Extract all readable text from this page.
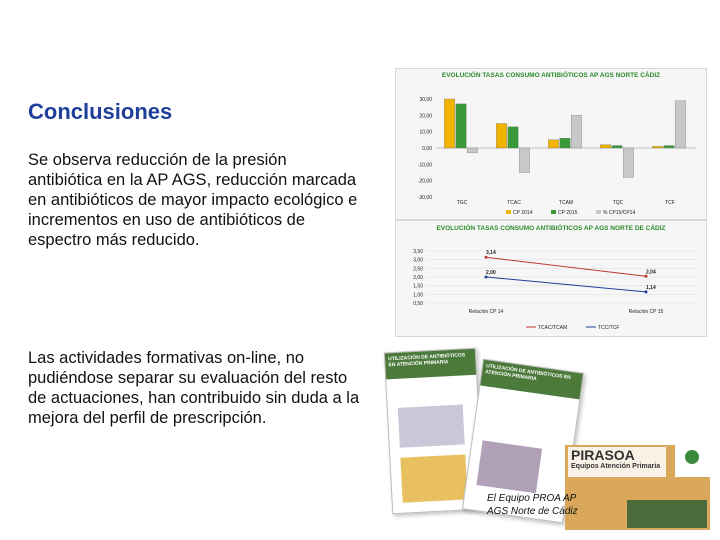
Conclusiones
Se observa reducción de la presión antibiótica en la AP AGS, reducción marcada en antibióticos de mayor impacto ecológico e incrementos en uso de antibióticos de espectro más reducido.
Las actividades formativas on-line, no pudiéndose separar su evaluación del resto de actuaciones, han contribuido sin duda a la mejora del perfil de prescripción.
EVOLUCIÓN TASAS CONSUMO ANTIBIÓTICOS AP AGS NORTE CÁDIZ
30,00
20,00
10,00
0,00
-10,00
-20,00
-30,00
TGC	TCAC	TCAM	TQC	TCF
CP 2014	CP 2015	% CP15/CP14
EVOLUCIÓN TASAS CONSUMO ANTIBIÓTICOS AP AGS NORTE DE CÁDIZ
3,50
3,00
2,50
2,00
1,50
1,00
0,50
3,14
2,00	2,04
1,14
Relación CP 14	Relación CP 15
TCAC/TCAM	TCC/TCF
UTILIZACIÓN DE ANTIBIÓTICOS EN ATENCIÓN PRIMARIA	UTILIZACIÓN DE ANTIBIÓTICOS EN ATENCIÓN PRIMARIA
PIRASOA
Equipos Atención Primaria
El Equipo PROA AP
AGS Norte de Cádiz
